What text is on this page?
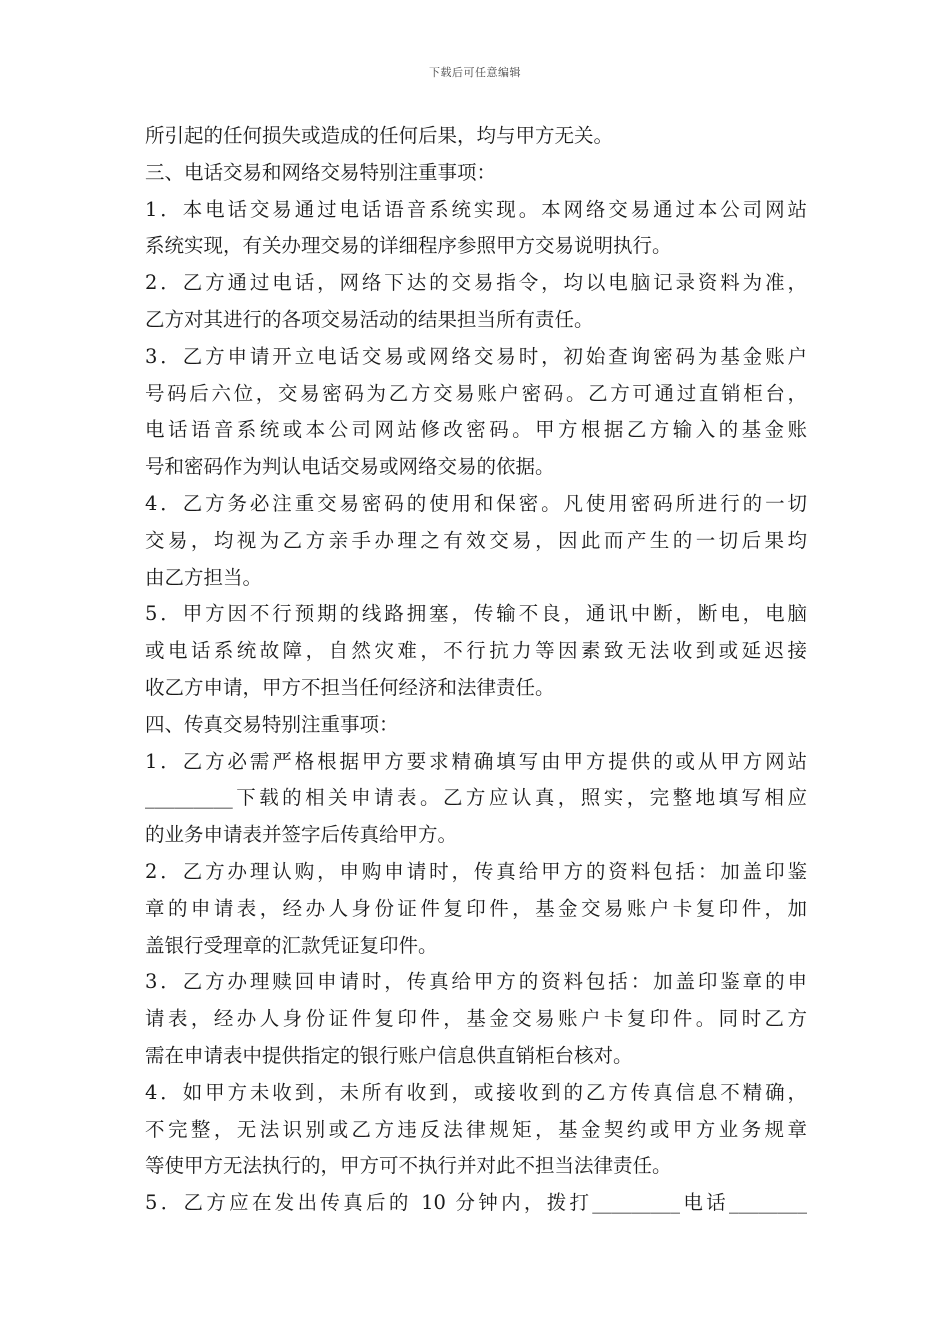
下载后可任意编辑
所引起的任何损失或造成的任何后果，均与甲方无关。
三、电话交易和网络交易特别注重事项：
1．本电话交易通过电话语音系统实现。本网络交易通过本公司网站
系统实现，有关办理交易的详细程序参照甲方交易说明执行。
2．乙方通过电话，网络下达的交易指令，均以电脑记录资料为准，
乙方对其进行的各项交易活动的结果担当所有责任。
3．乙方申请开立电话交易或网络交易时，初始查询密码为基金账户
号码后六位，交易密码为乙方交易账户密码。乙方可通过直销柜台，
电话语音系统或本公司网站修改密码。甲方根据乙方输入的基金账
号和密码作为判认电话交易或网络交易的依据。
4．乙方务必注重交易密码的使用和保密。凡使用密码所进行的一切
交易，均视为乙方亲手办理之有效交易，因此而产生的一切后果均
由乙方担当。
5．甲方因不行预期的线路拥塞，传输不良，通讯中断，断电，电脑
或电话系统故障，自然灾难，不行抗力等因素致无法收到或延迟接
收乙方申请，甲方不担当任何经济和法律责任。
四、传真交易特别注重事项：
1．乙方必需严格根据甲方要求精确填写由甲方提供的或从甲方网站
_________下载的相关申请表。乙方应认真，照实，完整地填写相应
的业务申请表并签字后传真给甲方。
2．乙方办理认购，申购申请时，传真给甲方的资料包括：加盖印鉴
章的申请表，经办人身份证件复印件，基金交易账户卡复印件，加
盖银行受理章的汇款凭证复印件。
3．乙方办理赎回申请时，传真给甲方的资料包括：加盖印鉴章的申
请表，经办人身份证件复印件，基金交易账户卡复印件。同时乙方
需在申请表中提供指定的银行账户信息供直销柜台核对。
4．如甲方未收到，未所有收到，或接收到的乙方传真信息不精确，
不完整，无法识别或乙方违反法律规矩，基金契约或甲方业务规章
等使甲方无法执行的，甲方可不执行并对此不担当法律责任。
5．乙方应在发出传真后的 10 分钟内，拨打_________电话________
